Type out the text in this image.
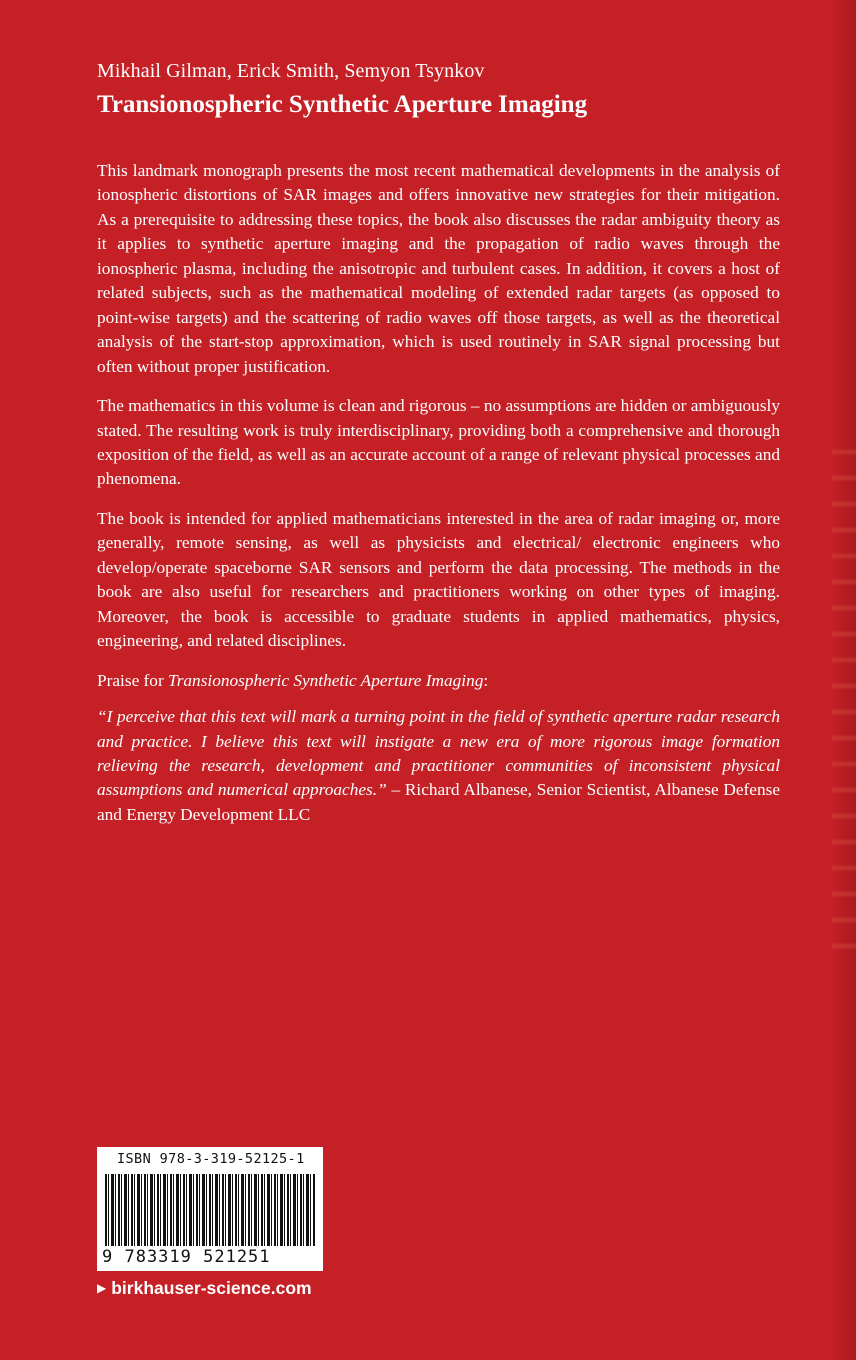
Mikhail Gilman, Erick Smith, Semyon Tsynkov
Transionospheric Synthetic Aperture Imaging

This landmark monograph presents the most recent mathematical developments in the analysis of ionospheric distortions of SAR images and offers innovative new strategies for their mitigation. As a prerequisite to addressing these topics, the book also discusses the radar ambiguity theory as it applies to synthetic aperture imaging and the propagation of radio waves through the ionospheric plasma, including the anisotropic and turbulent cases. In addition, it covers a host of related subjects, such as the mathematical modeling of extended radar targets (as opposed to point-wise targets) and the scattering of radio waves off those targets, as well as the theoretical analysis of the start-stop approximation, which is used routinely in SAR signal processing but often without proper justification.

The mathematics in this volume is clean and rigorous – no assumptions are hidden or ambiguously stated. The resulting work is truly interdisciplinary, providing both a comprehensive and thorough exposition of the field, as well as an accurate account of a range of relevant physical processes and phenomena.

The book is intended for applied mathematicians interested in the area of radar imaging or, more generally, remote sensing, as well as physicists and electrical/ electronic engineers who develop/operate spaceborne SAR sensors and perform the data processing. The methods in the book are also useful for researchers and practitioners working on other types of imaging. Moreover, the book is accessible to graduate students in applied mathematics, physics, engineering, and related disciplines.

Praise for Transionospheric Synthetic Aperture Imaging:

“I perceive that this text will mark a turning point in the field of synthetic aperture radar research and practice. I believe this text will instigate a new era of more rigorous image formation relieving the research, development and practitioner communities of inconsistent physical assumptions and numerical approaches.” – Richard Albanese, Senior Scientist, Albanese Defense and Energy Development LLC

ISBN 978-3-319-52125-1
9 783319 521251
▶ birkhauser-science.com
